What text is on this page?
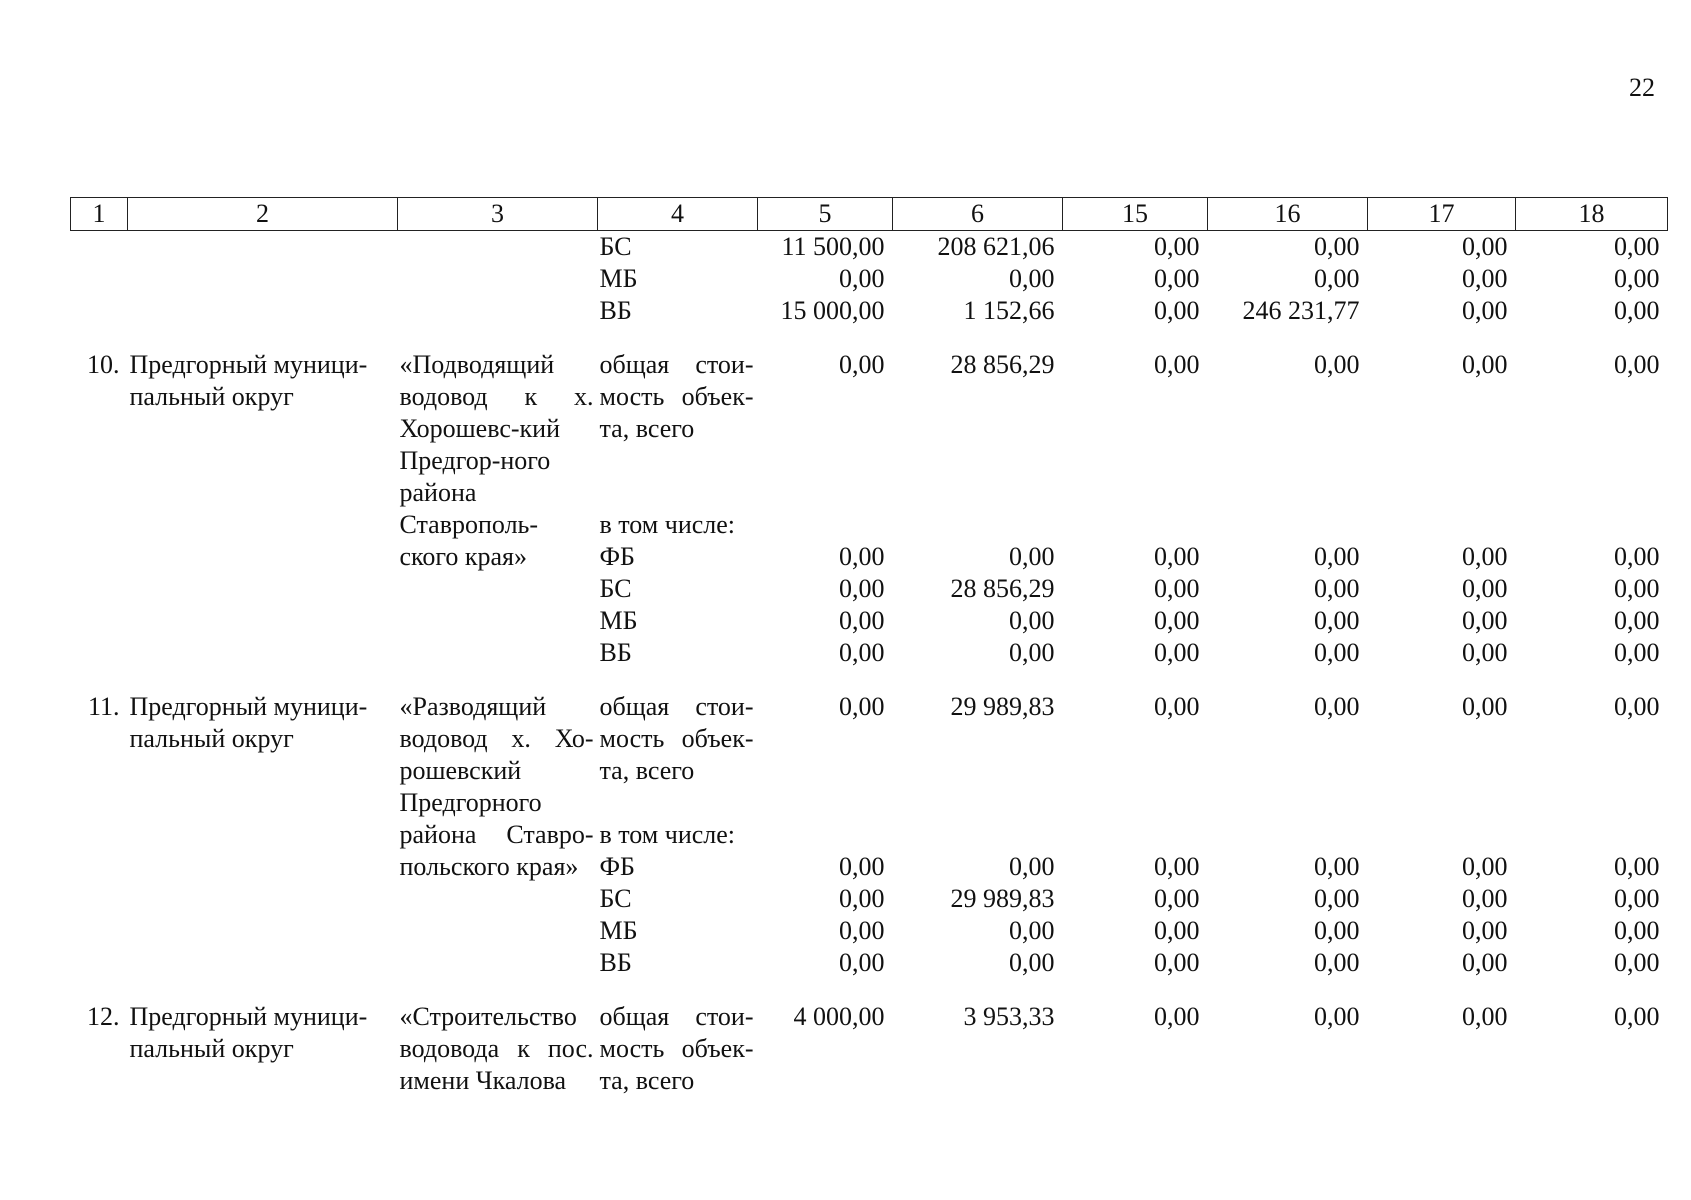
22
1	2	3	4	5	6	15	16	17	18
			БС	11 500,00	208 621,06	0,00	0,00	0,00	0,00
			МБ	0,00	0,00	0,00	0,00	0,00	0,00
			ВБ	15 000,00	1 152,66	0,00	246 231,77	0,00	0,00

10.	Предгорный муници-пальный округ	«Подводящий водовод к х. Хорошевс-кий Предгор-ного района Ставрополь-ского края»	общая стои-мость объек-та, всего	0,00	28 856,29	0,00	0,00	0,00	0,00
			в том числе:						
			ФБ	0,00	0,00	0,00	0,00	0,00	0,00
			БС	0,00	28 856,29	0,00	0,00	0,00	0,00
			МБ	0,00	0,00	0,00	0,00	0,00	0,00
			ВБ	0,00	0,00	0,00	0,00	0,00	0,00

11.	Предгорный муници-пальный округ	«Разводящий водовод х. Хо-рошевский Предгорного района Ставро-польского края»	общая стои-мость объек-та, всего	0,00	29 989,83	0,00	0,00	0,00	0,00
			в том числе:						
			ФБ	0,00	0,00	0,00	0,00	0,00	0,00
			БС	0,00	29 989,83	0,00	0,00	0,00	0,00
			МБ	0,00	0,00	0,00	0,00	0,00	0,00
			ВБ	0,00	0,00	0,00	0,00	0,00	0,00

12.	Предгорный муници-пальный округ	«Строительство водовода к пос. имени Чкалова	общая стои-мость объек-та, всего	4 000,00	3 953,33	0,00	0,00	0,00	0,00
